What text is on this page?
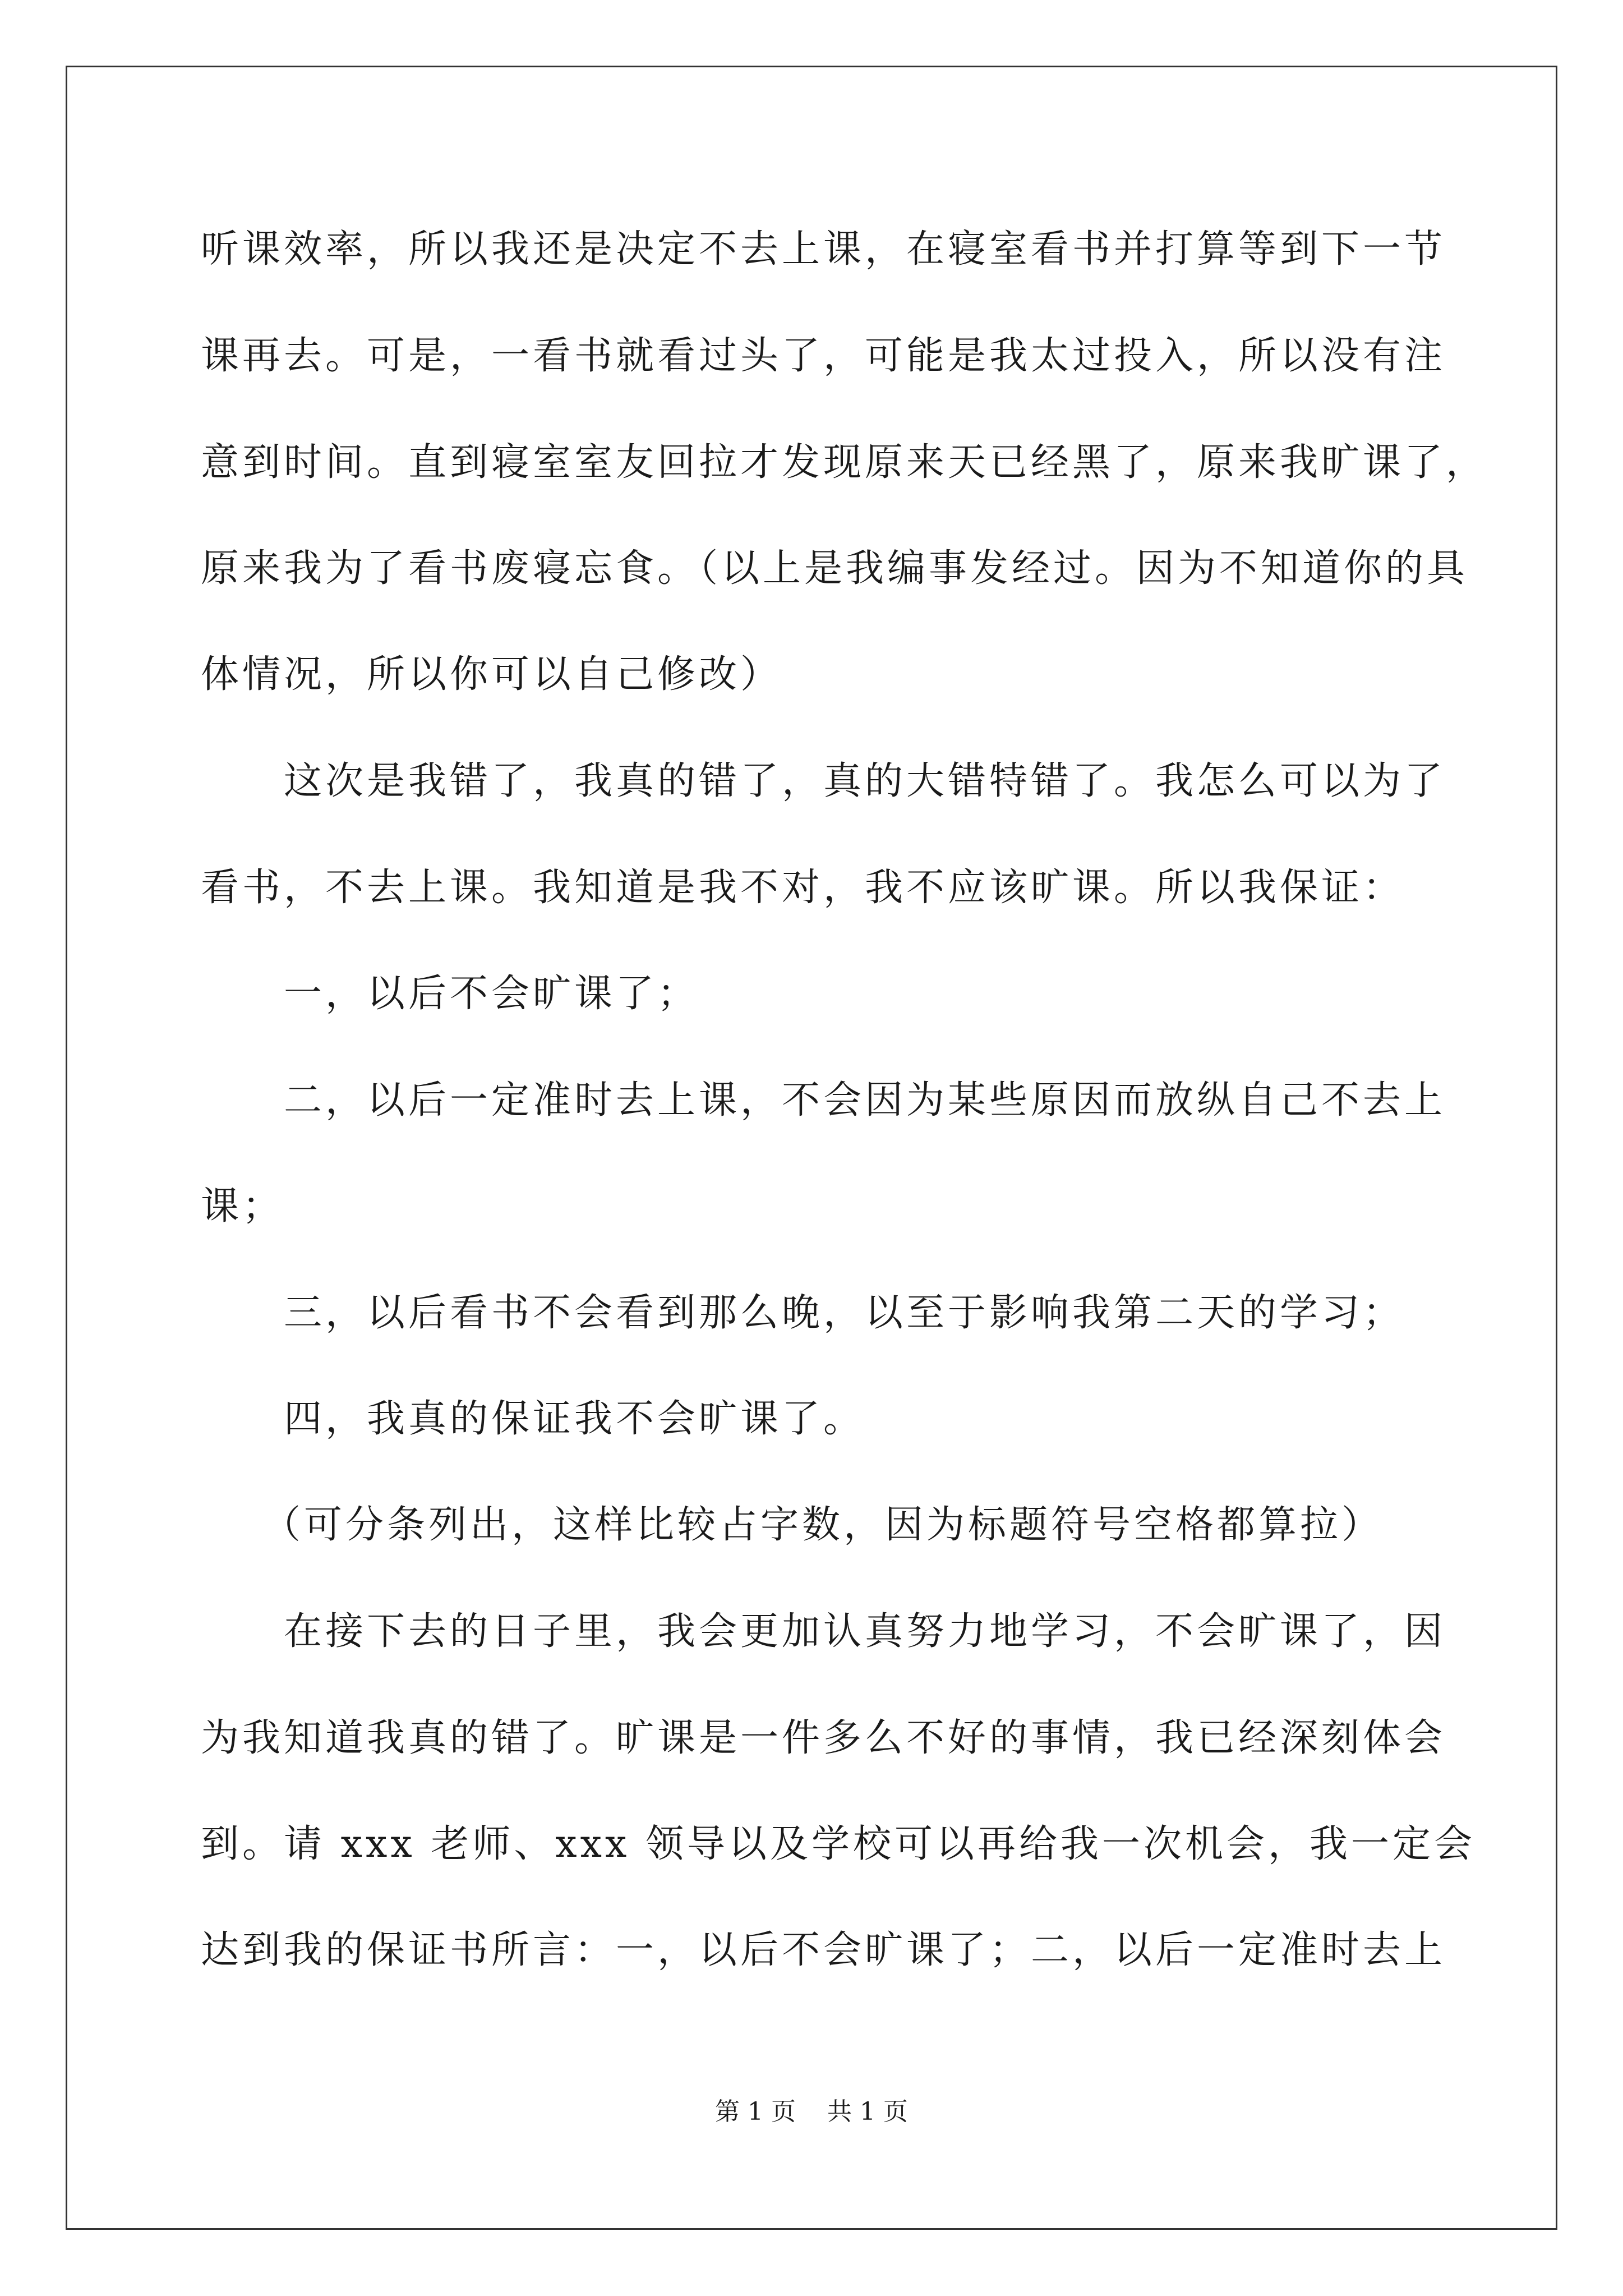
听课效率，所以我还是决定不去上课，在寝室看书并打算等到下一节
课再去。可是，一看书就看过头了，可能是我太过投入，所以没有注
意到时间。直到寝室室友回拉才发现原来天已经黑了，原来我旷课了，
原来我为了看书废寝忘食。（以上是我编事发经过。因为不知道你的具
体情况，所以你可以自己修改）
这次是我错了，我真的错了，真的大错特错了。我怎么可以为了
看书，不去上课。我知道是我不对，我不应该旷课。所以我保证：
一，以后不会旷课了；
二，以后一定准时去上课，不会因为某些原因而放纵自己不去上
课；
三，以后看书不会看到那么晚，以至于影响我第二天的学习；
四，我真的保证我不会旷课了。
（可分条列出，这样比较占字数，因为标题符号空格都算拉）
在接下去的日子里，我会更加认真努力地学习，不会旷课了，因
为我知道我真的错了。旷课是一件多么不好的事情，我已经深刻体会
到。请 xxx 老师、xxx 领导以及学校可以再给我一次机会，我一定会
达到我的保证书所言：一，以后不会旷课了；二，以后一定准时去上
第 1 页    共 1 页
